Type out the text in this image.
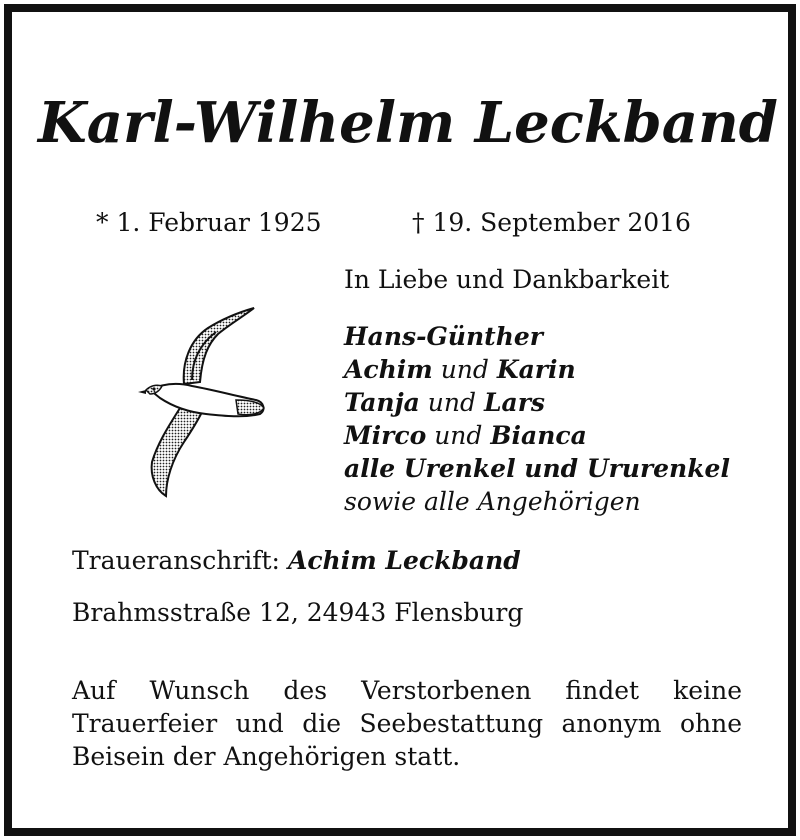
Karl-Wilhelm Leckband
* 1. Februar 1925	† 19. September 2016
In Liebe und Dankbarkeit
Hans-Günther
Achim und Karin
Tanja und Lars
Mirco und Bianca
alle Urenkel und Ururenkel
sowie alle Angehörigen
Traueranschrift: Achim Leckband
Brahmsstraße 12, 24943 Flensburg
Auf Wunsch des Verstorbenen findet keine Trauerfeier und die Seebestattung anonym ohne Beisein der Angehörigen statt.
